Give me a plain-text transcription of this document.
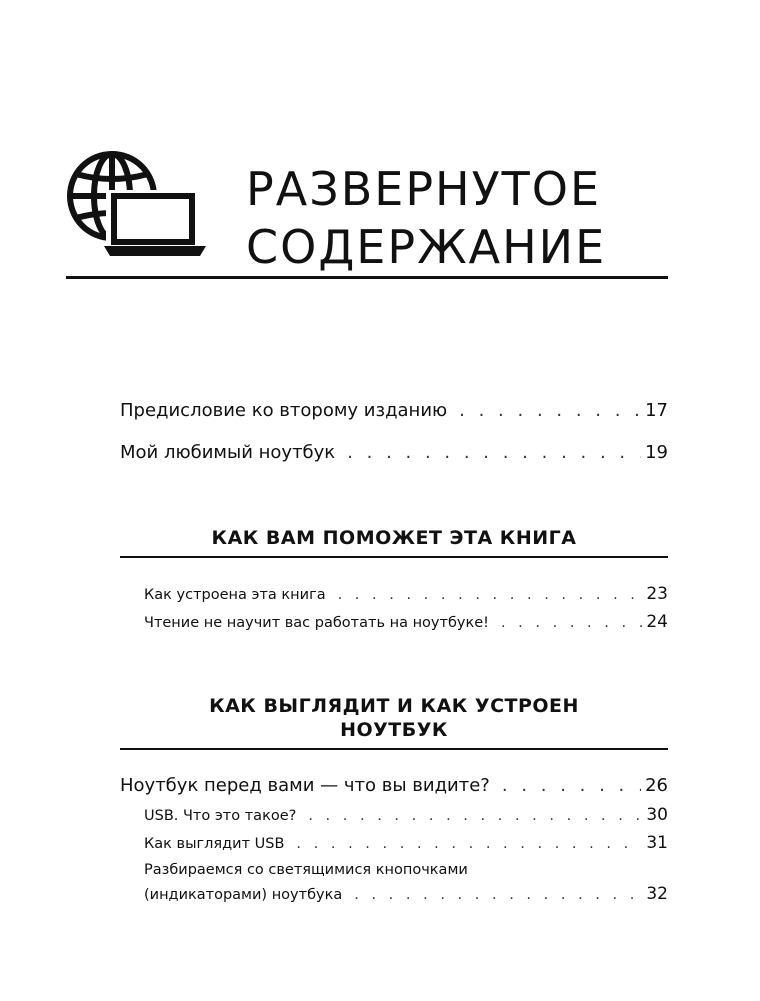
РАЗВЕРНУТОЕ
СОДЕРЖАНИЕ
Предисловие ко второму изданию . . .	17
Мой любимый ноутбук . . .	19
КАК ВАМ ПОМОЖЕТ ЭТА КНИГА
Как устроена эта книга . . .	23
Чтение не научит вас работать на ноутбуке! . . .	24
КАК ВЫГЛЯДИТ И КАК УСТРОЕН
НОУТБУК
Ноутбук перед вами — что вы видите? . . .	26
USB. Что это такое? . . .	30
Как выглядит USB . . .	31
Разбираемся со светящимися кнопочками
(индикаторами) ноутбука . . .	32
